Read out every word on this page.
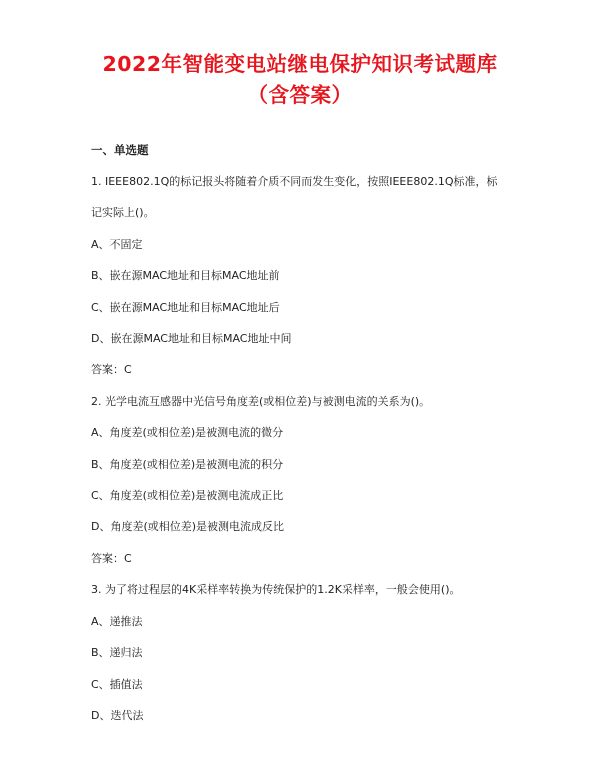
2022年智能变电站继电保护知识考试题库
（含答案）
一、单选题
1. IEEE802.1Q的标记报头将随着介质不同而发生变化，按照IEEE802.1Q标准，标
记实际上()。
A、不固定
B、嵌在源MAC地址和目标MAC地址前
C、嵌在源MAC地址和目标MAC地址后
D、嵌在源MAC地址和目标MAC地址中间
答案：C
2. 光学电流互感器中光信号角度差(或相位差)与被测电流的关系为()。
A、角度差(或相位差)是被测电流的微分
B、角度差(或相位差)是被测电流的积分
C、角度差(或相位差)是被测电流成正比
D、角度差(或相位差)是被测电流成反比
答案：C
3. 为了将过程层的4K采样率转换为传统保护的1.2K采样率，一般会使用()。
A、递推法
B、递归法
C、插值法
D、迭代法
